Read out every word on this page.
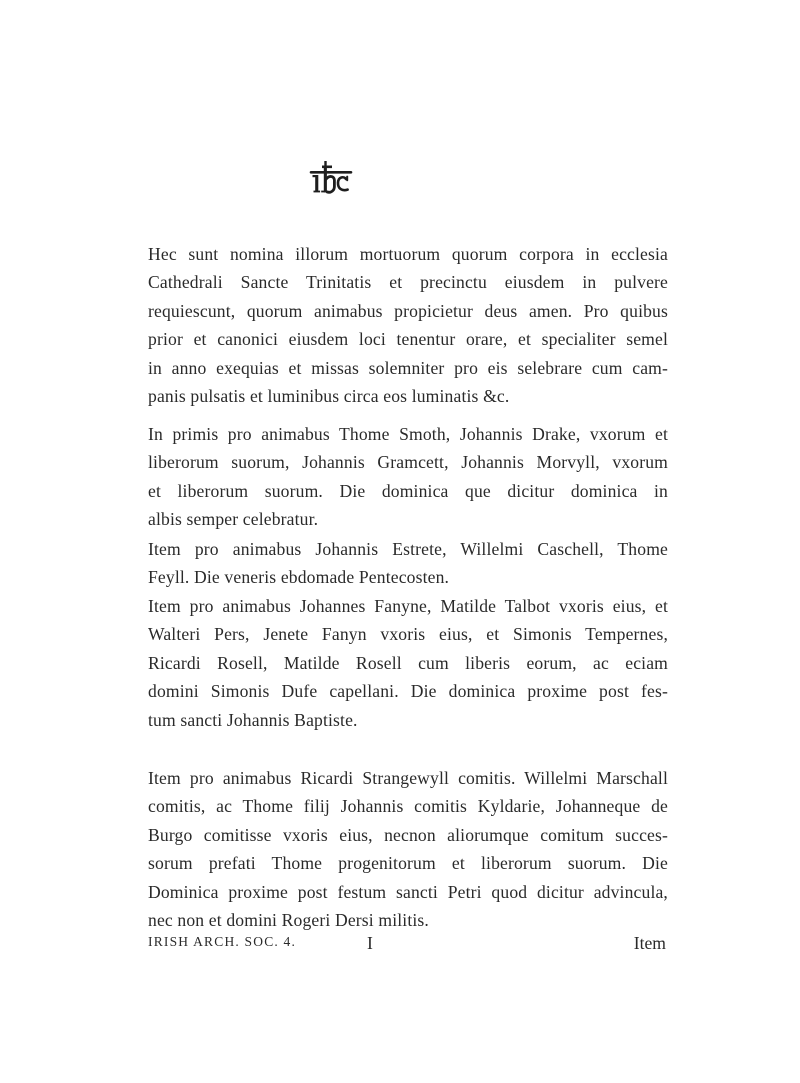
Hec sunt nomina illorum mortuorum quorum corpora in ecclesia
Cathedrali Sancte Trinitatis et precinctu eiusdem in pulvere
requiescunt, quorum animabus propicietur deus amen. Pro quibus
prior et canonici eiusdem loci tenentur orare, et specialiter semel
in anno exequias et missas solemniter pro eis selebrare cum cam-
panis pulsatis et luminibus circa eos luminatis &c.

In primis pro animabus Thome Smoth, Johannis Drake, vxorum et
liberorum suorum, Johannis Gramcett, Johannis Morvyll, vxorum
et liberorum suorum. Die dominica que dicitur dominica in
albis semper celebratur.

Item pro animabus Johannis Estrete, Willelmi Caschell, Thome
Feyll. Die veneris ebdomade Pentecosten.

Item pro animabus Johannes Fanyne, Matilde Talbot vxoris eius, et
Walteri Pers, Jenete Fanyn vxoris eius, et Simonis Tempernes,
Ricardi Rosell, Matilde Rosell cum liberis eorum, ac eciam
domini Simonis Dufe capellani. Die dominica proxime post fes-
tum sancti Johannis Baptiste.

Item pro animabus Ricardi Strangewyll comitis. Willelmi Marschall
comitis, ac Thome filij Johannis comitis Kyldarie, Johanneque de
Burgo comitisse vxoris eius, necnon aliorumque comitum succes-
sorum prefati Thome progenitorum et liberorum suorum. Die
Dominica proxime post festum sancti Petri quod dicitur advincula,
nec non et domini Rogeri Dersi militis.

IRISH ARCH. SOC. 4.	I	Item
